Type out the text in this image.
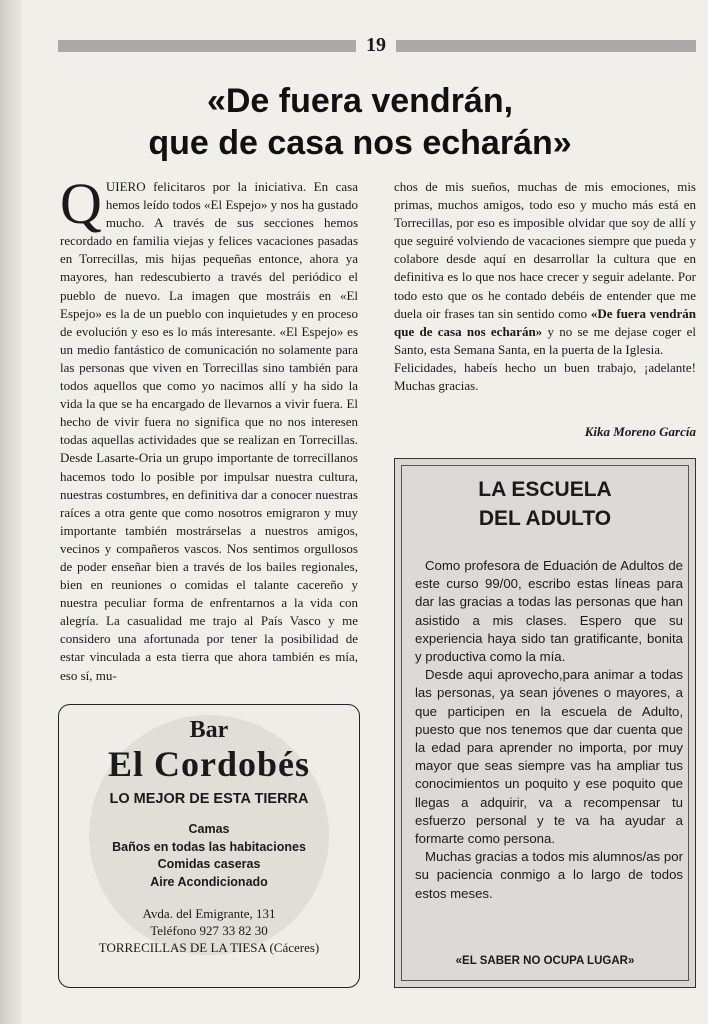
19
«De fuera vendrán,
que de casa nos echarán»
Q UIERO felicitaros por la iniciativa. En casa hemos leído todos «El Espejo» y nos ha gustado mucho. A través de sus secciones hemos recordado en familia viejas y felices vacaciones pasadas en Torrecillas, mis hijas pequeñas entonce, ahora ya mayores, han redescubierto a través del periódico el pueblo de nuevo. La imagen que mostráis en «El Espejo» es la de un pueblo con inquietudes y en proceso de evolución y eso es lo más interesante. «El Espejo» es un medio fantástico de comunicación no solamente para las personas que viven en Torrecillas sino también para todos aquellos que como yo nacimos allí y ha sido la vida la que se ha encargado de llevarnos a vivir fuera. El hecho de vivir fuera no significa que no nos interesen todas aquellas actividades que se realizan en Torrecillas. Desde Lasarte-Oria un grupo importante de torrecillanos hacemos todo lo posible por impulsar nuestra cultura, nuestras costumbres, en definitiva dar a conocer nuestras raíces a otra gente que como nosotros emigraron y muy importante también mostrárselas a nuestros amigos, vecinos y compañeros vascos. Nos sentimos orgullosos de poder enseñar bien a través de los bailes regionales, bien en reuniones o comidas el talante cacereño y nuestra peculiar forma de enfrentarnos a la vida con alegría. La casualidad me trajo al País Vasco y me considero una afortunada por tener la posibilidad de estar vinculada a esta tierra que ahora también es mía, eso sí, mu-

chos de mis sueños, muchas de mis emociones, mis primas, muchos amigos, todo eso y mucho más está en Torrecillas, por eso es imposible olvidar que soy de allí y que seguiré volviendo de vacaciones siempre que pueda y colabore desde aquí en desarrollar la cultura que en definitiva es lo que nos hace crecer y seguir adelante. Por todo esto que os he contado debéis de entender que me duela oir frases tan sin sentido como «De fuera vendrán que de casa nos echarán» y no se me dejase coger el Santo, esta Semana Santa, en la puerta de la Iglesia.

Felicidades, habeís hecho un buen trabajo, ¡adelante! Muchas gracias.

Kika Moreno García
Bar
El Cordobés
LO MEJOR DE ESTA TIERRA
Camas
Baños en todas las habitaciones
Comidas caseras
Aire Acondicionado
Avda. del Emigrante, 131
Teléfono 927 33 82 30
TORRECILLAS DE LA TIESA (Cáceres)
LA ESCUELA
DEL ADULTO

Como profesora de Eduación de Adultos de este curso 99/00, escribo estas líneas para dar las gracias a todas las personas que han asistido a mis clases. Espero que su experiencia haya sido tan gratificante, bonita y productiva como la mía.

Desde aqui aprovecho,para animar a todas las personas, ya sean jóvenes o mayores, a que participen en la escuela de Adulto, puesto que nos tenemos que dar cuenta que la edad para aprender no importa, por muy mayor que seas siempre vas ha ampliar tus conocimientos un poquito y ese poquito que llegas a adquirir, va a recompensar tu esfuerzo personal y te va ha ayudar a formarte como persona.

Muchas gracias a todos mis alumnos/as por su paciencia conmigo a lo largo de todos estos meses.

«EL SABER NO OCUPA LUGAR»
